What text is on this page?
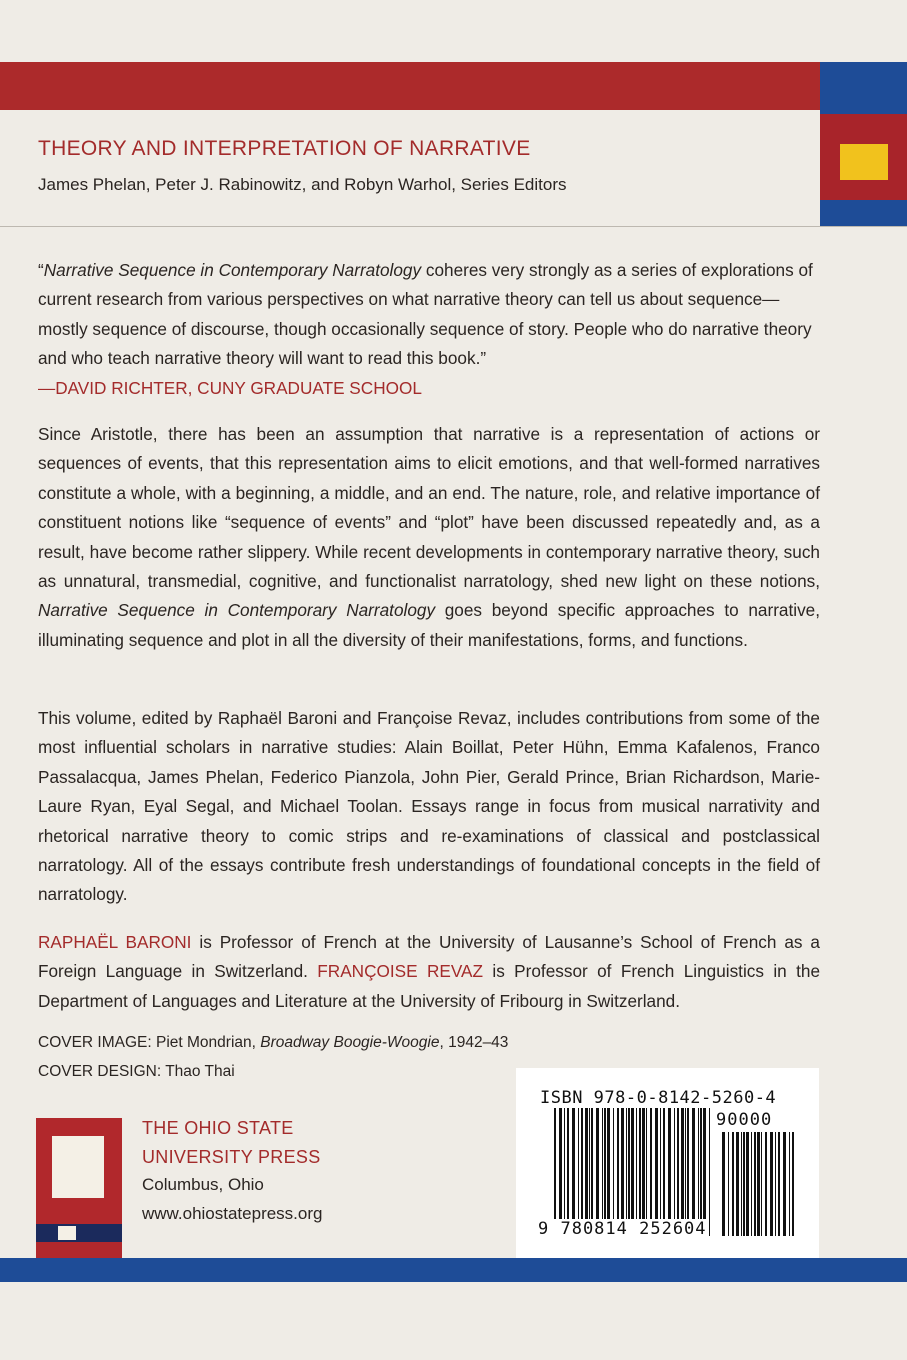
THEORY AND INTERPRETATION OF NARRATIVE
James Phelan, Peter J. Rabinowitz, and Robyn Warhol, Series Editors
“Narrative Sequence in Contemporary Narratology coheres very strongly as a series of explorations of current research from various perspectives on what narrative theory can tell us about sequence—mostly sequence of discourse, though occasionally sequence of story. People who do narrative theory and who teach narrative theory will want to read this book.”
—DAVID RICHTER, CUNY GRADUATE SCHOOL
Since Aristotle, there has been an assumption that narrative is a representation of actions or sequences of events, that this representation aims to elicit emotions, and that well-formed narratives constitute a whole, with a beginning, a middle, and an end. The nature, role, and relative importance of constituent notions like “sequence of events” and “plot” have been discussed repeatedly and, as a result, have become rather slippery. While recent developments in contemporary narrative theory, such as unnatural, transmedial, cognitive, and functionalist narratology, shed new light on these notions, Narrative Sequence in Contemporary Narratology goes beyond specific approaches to narrative, illuminating sequence and plot in all the diversity of their manifestations, forms, and functions.
This volume, edited by Raphaël Baroni and Françoise Revaz, includes contributions from some of the most influential scholars in narrative studies: Alain Boillat, Peter Hühn, Emma Kafalenos, Franco Passalacqua, James Phelan, Federico Pianzola, John Pier, Gerald Prince, Brian Richardson, Marie-Laure Ryan, Eyal Segal, and Michael Toolan. Essays range in focus from musical narrativity and rhetorical narrative theory to comic strips and re-examinations of classical and postclassical narratology. All of the essays contribute fresh understandings of foundational concepts in the field of narratology.
RAPHAËL BARONI is Professor of French at the University of Lausanne’s School of French as a Foreign Language in Switzerland. FRANÇOISE REVAZ is Professor of French Linguistics in the Department of Languages and Literature at the University of Fribourg in Switzerland.
COVER IMAGE: Piet Mondrian, Broadway Boogie-Woogie, 1942–43
COVER DESIGN: Thao Thai
THE OHIO STATE
UNIVERSITY PRESS
Columbus, Ohio
www.ohiostatepress.org
ISBN 978-0-8142-5260-4
90000
9 780814 252604
